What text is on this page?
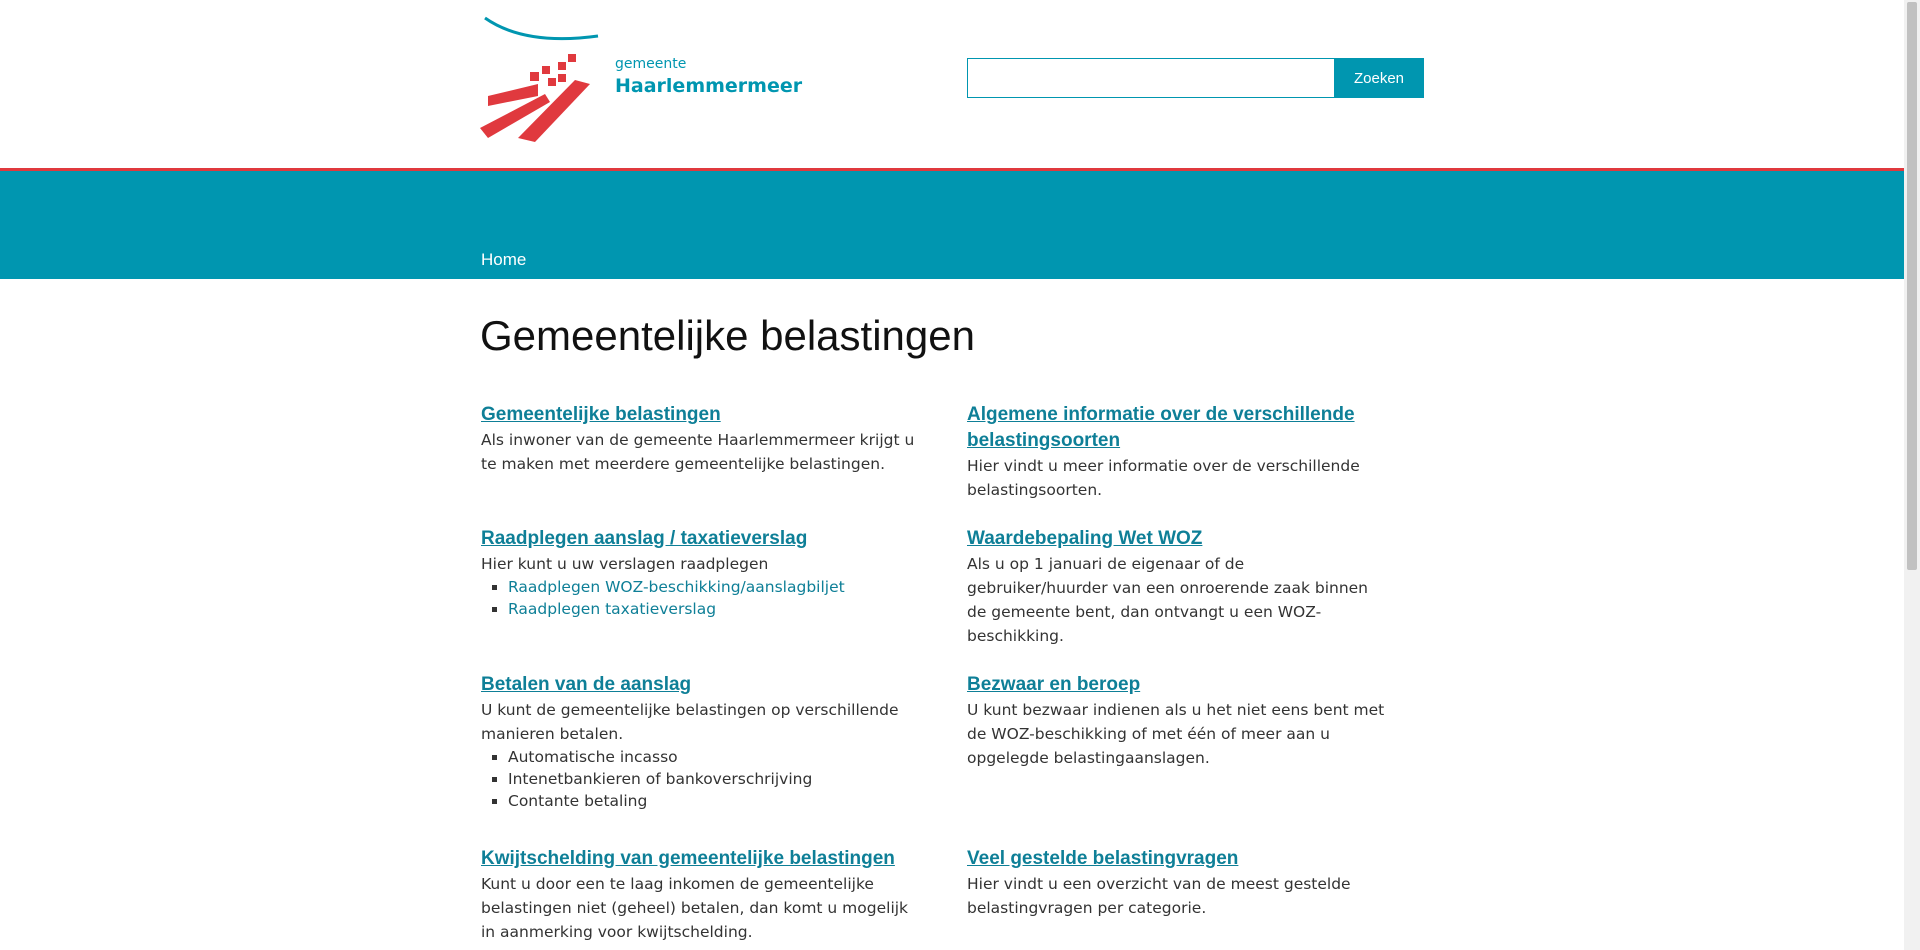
gemeente
Haarlemmermeer	Zoeken
Home
Gemeentelijke belastingen
Gemeentelijke belastingen

Als inwoner van de gemeente Haarlemmermeer krijgt u te maken met meerdere gemeentelijke belastingen.

Algemene informatie over de verschillende belastingsoorten

Hier vindt u meer informatie over de verschillende belastingsoorten.

Raadplegen aanslag / taxatieverslag

Hier kunt u uw verslagen raadplegen

▪ Raadplegen WOZ-beschikking/aanslagbiljet
▪ Raadplegen taxatieverslag
Waardebepaling Wet WOZ

Als u op 1 januari de eigenaar of de gebruiker/huurder van een onroerende zaak binnen de gemeente bent, dan ontvangt u een WOZ-beschikking.

Betalen van de aanslag

U kunt de gemeentelijke belastingen op verschillende manieren betalen.

▪ Automatische incasso
▪ Intenetbankieren of bankoverschrijving
▪ Contante betaling
Bezwaar en beroep

U kunt bezwaar indienen als u het niet eens bent met de WOZ-beschikking of met één of meer aan u opgelegde belastingaanslagen.

Kwijtschelding van gemeentelijke belastingen

Kunt u door een te laag inkomen de gemeentelijke belastingen niet (geheel) betalen, dan komt u mogelijk in aanmerking voor kwijtschelding.

Veel gestelde belastingvragen

Hier vindt u een overzicht van de meest gestelde belastingvragen per categorie.
